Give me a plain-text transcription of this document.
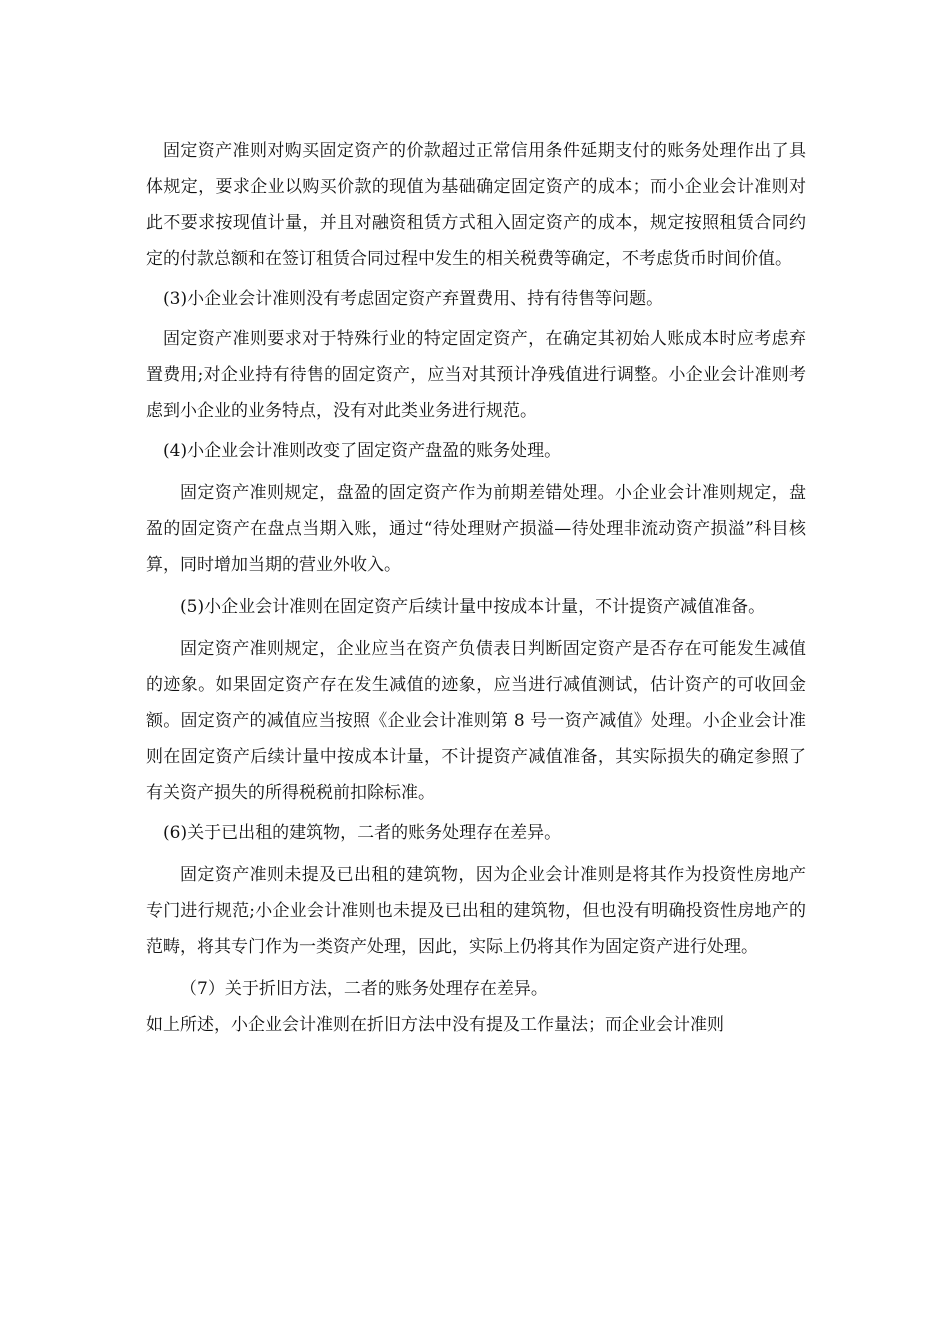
固定资产准则对购买固定资产的价款超过正常信用条件延期支付的账务处理作出了具体规定，要求企业以购买价款的现值为基础确定固定资产的成本；而小企业会计准则对此不要求按现值计量，并且对融资租赁方式租入固定资产的成本，规定按照租赁合同约定的付款总额和在签订租赁合同过程中发生的相关税费等确定，不考虑货币时间价值。

(3)小企业会计准则没有考虑固定资产弃置费用、持有待售等问题。

固定资产准则要求对于特殊行业的特定固定资产，在确定其初始人账成本时应考虑弃置费用;对企业持有待售的固定资产，应当对其预计净残值进行调整。小企业会计准则考虑到小企业的业务特点，没有对此类业务进行规范。

(4)小企业会计准则改变了固定资产盘盈的账务处理。

固定资产准则规定，盘盈的固定资产作为前期差错处理。小企业会计准则规定，盘盈的固定资产在盘点当期入账，通过“待处理财产损溢—待处理非流动资产损溢”科目核算，同时增加当期的营业外收入。

(5)小企业会计准则在固定资产后续计量中按成本计量，不计提资产减值准备。

固定资产准则规定，企业应当在资产负债表日判断固定资产是否存在可能发生减值的迹象。如果固定资产存在发生减值的迹象，应当进行减值测试，估计资产的可收回金额。固定资产的减值应当按照《企业会计准则第 8 号一资产减值》处理。小企业会计准则在固定资产后续计量中按成本计量，不计提资产减值准备，其实际损失的确定参照了有关资产损失的所得税税前扣除标准。

(6)关于已出租的建筑物，二者的账务处理存在差异。

固定资产准则未提及已出租的建筑物，因为企业会计准则是将其作为投资性房地产专门进行规范;小企业会计准则也未提及已出租的建筑物，但也没有明确投资性房地产的范畴，将其专门作为一类资产处理，因此，实际上仍将其作为固定资产进行处理。

（7）关于折旧方法，二者的账务处理存在差异。

如上所述，小企业会计准则在折旧方法中没有提及工作量法；而企业会计准则
